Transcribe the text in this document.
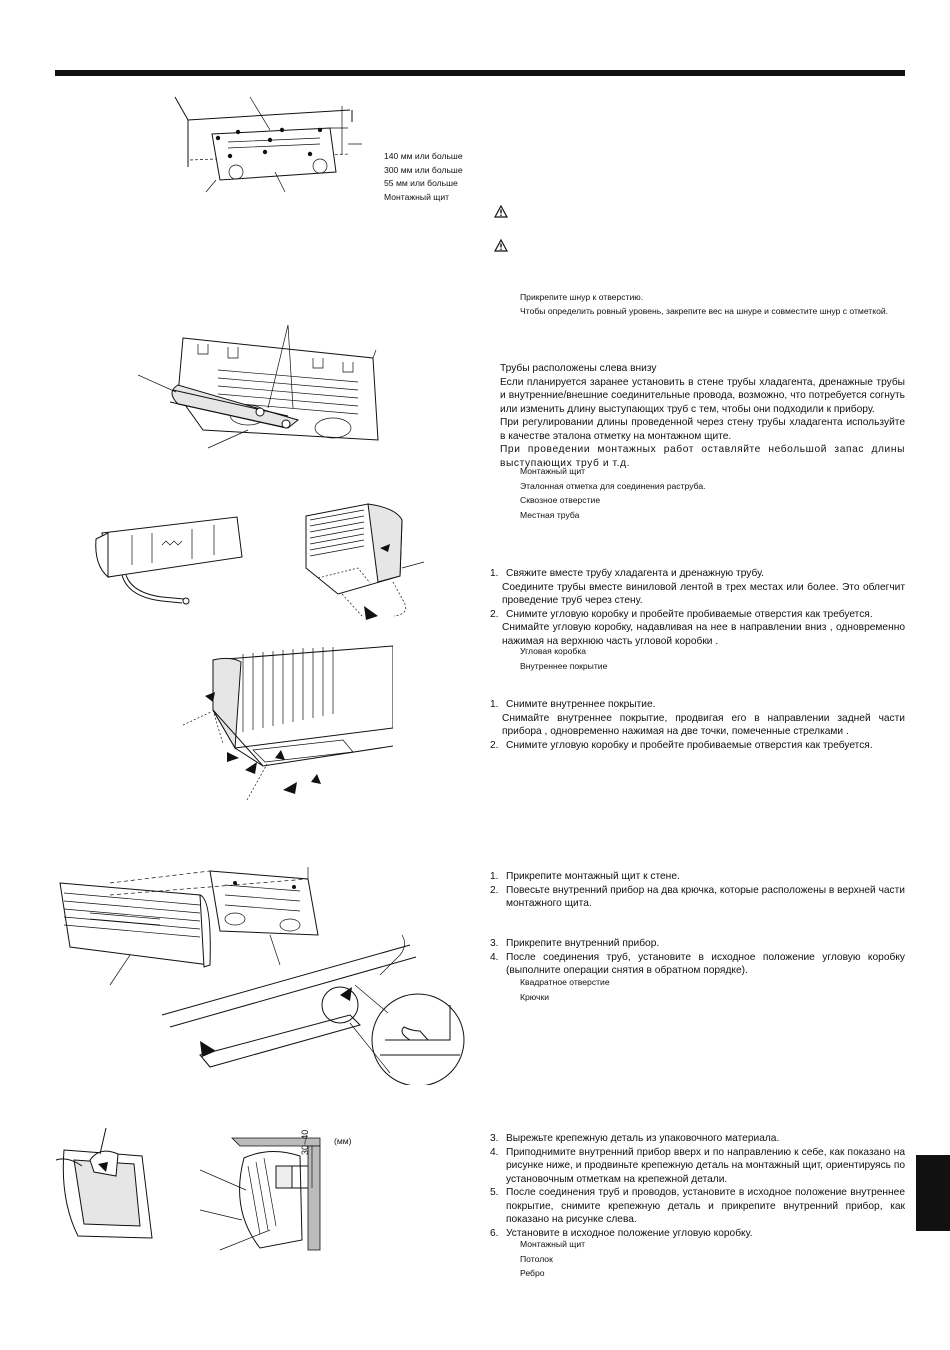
140 мм или больше
300 мм или больше
55 мм или больше
Монтажный щит
Прикрепите шнур к отверстию.
Чтобы определить ровный уровень, закрепите вес на шнуре и совместите шнур с отметкой.
Трубы расположены слева внизу
Если планируется заранее установить в стене трубы хладагента, дренажные трубы и внутренние/внешние соединительные провода, возможно, что потребуется согнуть или изменить длину выступающих труб с тем, чтобы они подходили к прибору.
При регулировании длины проведенной через стену трубы хладагента используйте в качестве эталона отметку на монтажном щите.
При проведении монтажных работ оставляйте небольшой запас длины выступающих труб и т.д.
Монтажный щит
Эталонная отметка для соединения раструба.
Сквозное отверстие
Местная труба
1. Свяжите вместе трубу хладагента и дренажную трубу.
Соедините трубы вместе виниловой лентой в трех местах или более. Это облегчит проведение труб через стену.
2. Снимите угловую коробку и пробейте пробиваемые отверстия как требуется.
Снимайте угловую коробку, надавливая на нее в направлении вниз , одновременно нажимая на верхнюю часть угловой коробки .
Угловая коробка
Внутреннее покрытие
1. Снимите внутреннее покрытие.
Снимайте внутреннее покрытие, продвигая его в направлении задней части прибора , одновременно нажимая на две точки, помеченные стрелками .
2. Снимите угловую коробку и пробейте пробиваемые отверстия как требуется.
1. Прикрепите монтажный щит к стене.
2. Повесьте внутренний прибор на два крючка, которые расположены в верхней части монтажного щита.
3. Прикрепите внутренний прибор.
4. После соединения труб, установите в исходное положение угловую коробку (выполните операции снятия в обратном порядке).
Квадратное отверстие
Крючки
(мм)
30~40	3. Вырежьте крепежную деталь из упаковочного материала.
4. Приподнимите внутренний прибор вверх и по направлению к себе, как показано на рисунке ниже, и продвиньте крепежную деталь на монтажный щит, ориентируясь по установочным отметкам на крепежной детали.
5. После соединения труб и проводов, установите в исходное положение внутреннее покрытие, снимите крепежную деталь и прикрепите внутренний прибор, как показано на рисунке слева.
6. Установите в исходное положение угловую коробку.
Монтажный щит
Потолок
Ребро
